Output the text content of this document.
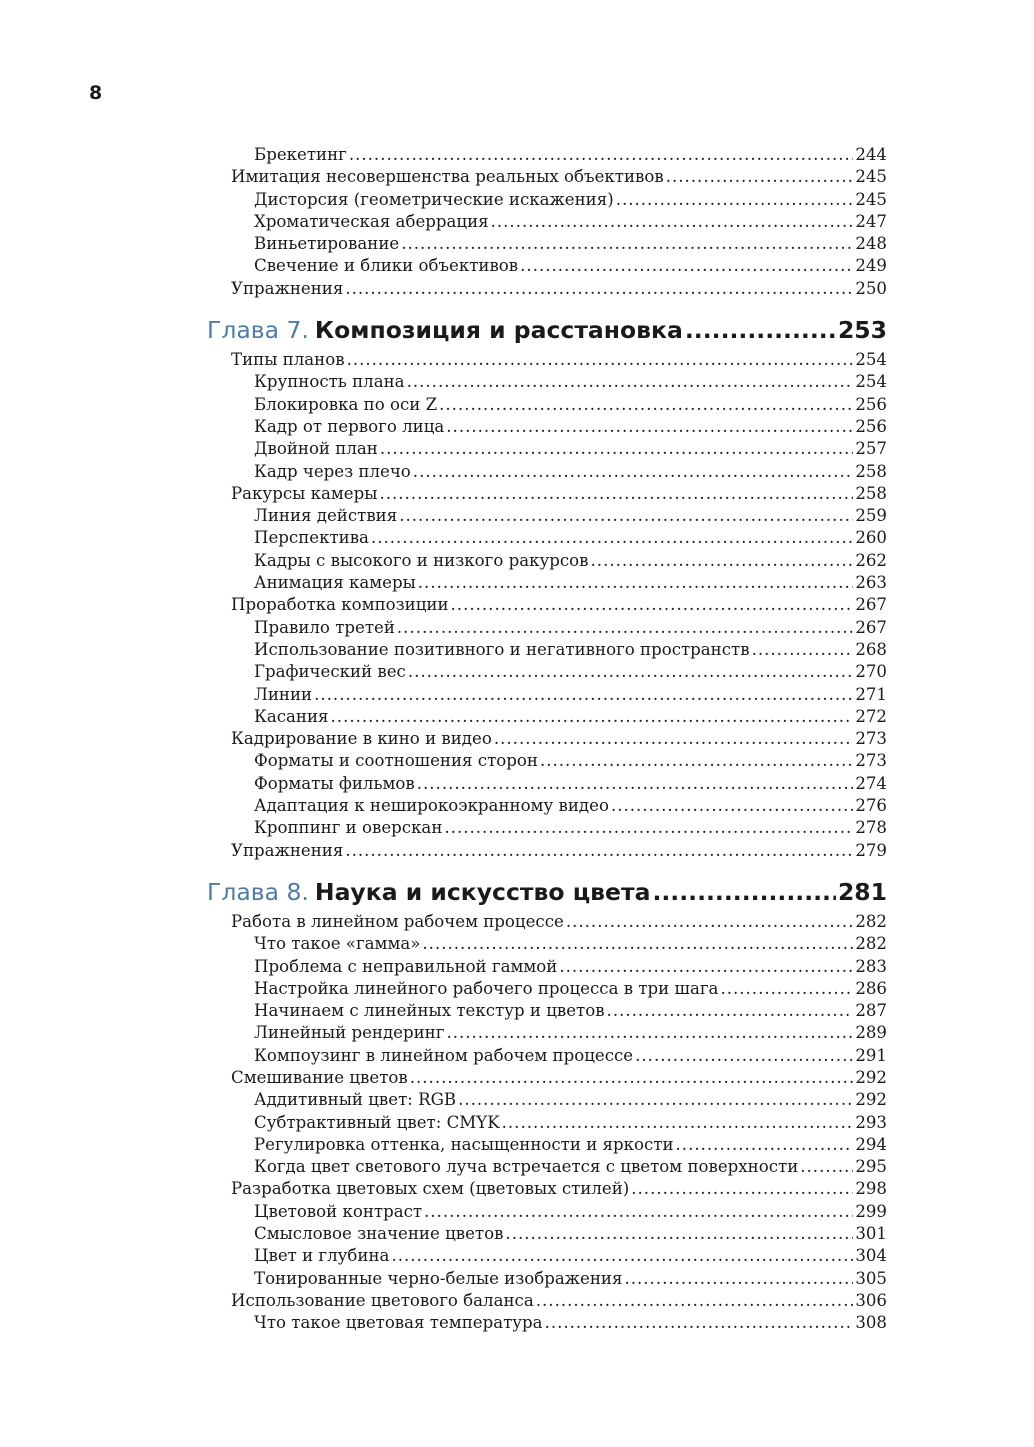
8
Брекетинг .....	244
Имитация несовершенства реальных объективов .....	245
Дисторсия (геометрические искажения) .....	245
Хроматическая аберрация .....	247
Виньетирование .....	248
Свечение и блики объективов .....	249
Упражнения .....	250
Глава 7. Композиция и расстановка .....	253
Типы планов .....	254
Крупность плана .....	254
Блокировка по оси Z .....	256
Кадр от первого лица .....	256
Двойной план .....	257
Кадр через плечо .....	258
Ракурсы камеры .....	258
Линия действия .....	259
Перспектива .....	260
Кадры с высокого и низкого ракурсов .....	262
Анимация камеры .....	263
Проработка композиции .....	267
Правило третей .....	267
Использование позитивного и негативного пространств .....	268
Графический вес .....	270
Линии .....	271
Касания .....	272
Кадрирование в кино и видео .....	273
Форматы и соотношения сторон .....	273
Форматы фильмов .....	274
Адаптация к неширокоэкранному видео .....	276
Кроппинг и оверскан .....	278
Упражнения .....	279
Глава 8. Наука и искусство цвета .....	281
Работа в линейном рабочем процессе .....	282
Что такое «гамма» .....	282
Проблема с неправильной гаммой .....	283
Настройка линейного рабочего процесса в три шага .....	286
Начинаем с линейных текстур и цветов .....	287
Линейный рендеринг .....	289
Компоузинг в линейном рабочем процессе .....	291
Смешивание цветов .....	292
Аддитивный цвет: RGB .....	292
Субтрактивный цвет: CMYK .....	293
Регулировка оттенка, насыщенности и яркости .....	294
Когда цвет светового луча встречается с цветом поверхности .....	295
Разработка цветовых схем (цветовых стилей) .....	298
Цветовой контраст .....	299
Смысловое значение цветов .....	301
Цвет и глубина .....	304
Тонированные черно-белые изображения .....	305
Использование цветового баланса .....	306
Что такое цветовая температура .....	308
